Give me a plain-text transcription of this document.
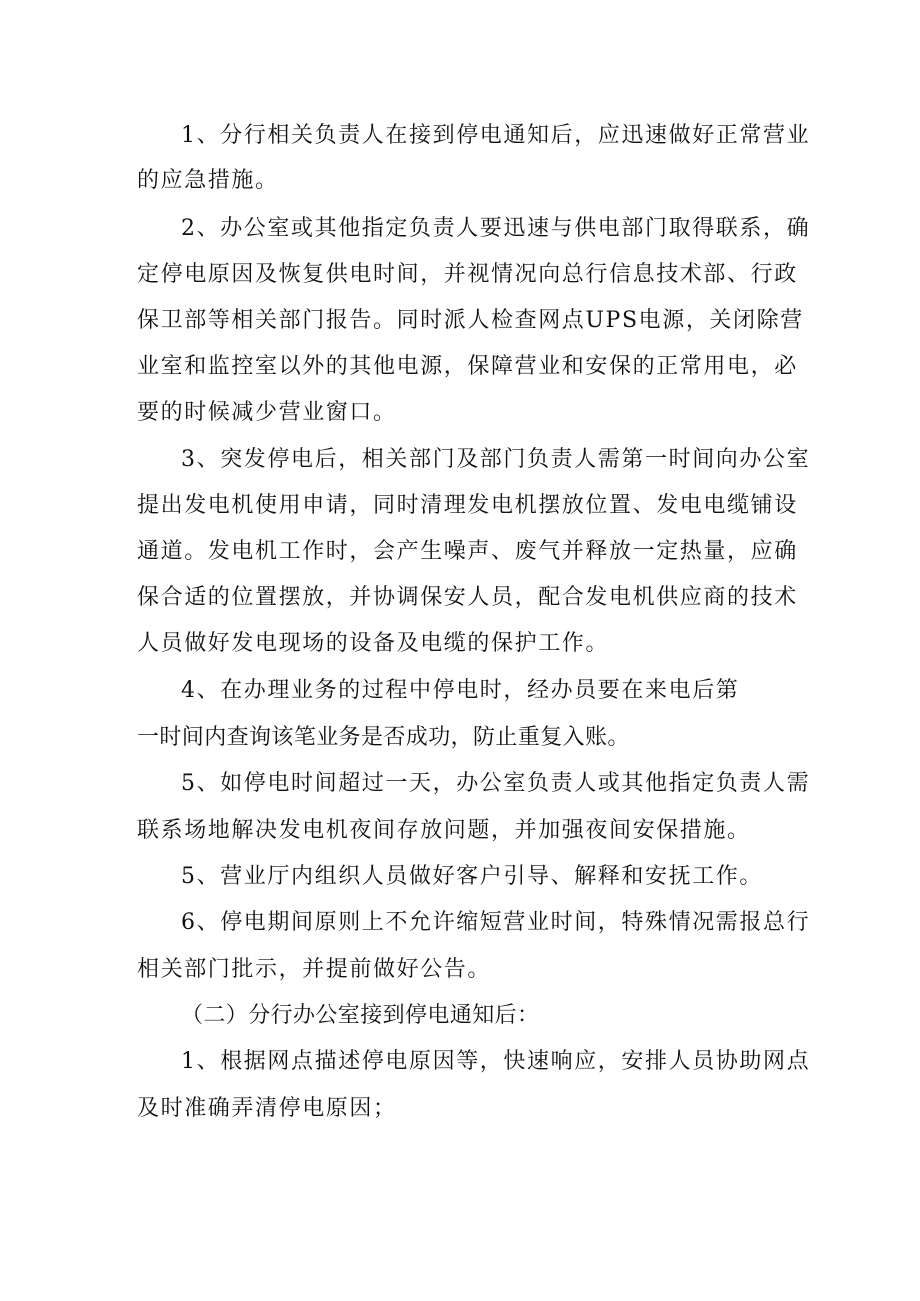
1、分行相关负责人在接到停电通知后，应迅速做好正常营业
的应急措施。
2、办公室或其他指定负责人要迅速与供电部门取得联系，确
定停电原因及恢复供电时间，并视情况向总行信息技术部、行政
保卫部等相关部门报告。同时派人检查网点UPS电源，关闭除营
业室和监控室以外的其他电源，保障营业和安保的正常用电，必
要的时候减少营业窗口。
3、突发停电后，相关部门及部门负责人需第一时间向办公室
提出发电机使用申请，同时清理发电机摆放位置、发电电缆铺设
通道。发电机工作时，会产生噪声、废气并释放一定热量，应确
保合适的位置摆放，并协调保安人员，配合发电机供应商的技术
人员做好发电现场的设备及电缆的保护工作。
4、在办理业务的过程中停电时，经办员要在来电后第
一时间内查询该笔业务是否成功，防止重复入账。
5、如停电时间超过一天，办公室负责人或其他指定负责人需
联系场地解决发电机夜间存放问题，并加强夜间安保措施。
5、营业厅内组织人员做好客户引导、解释和安抚工作。
6、停电期间原则上不允许缩短营业时间，特殊情况需报总行
相关部门批示，并提前做好公告。
（二）分行办公室接到停电通知后：
1、根据网点描述停电原因等，快速响应，安排人员协助网点
及时准确弄清停电原因；
